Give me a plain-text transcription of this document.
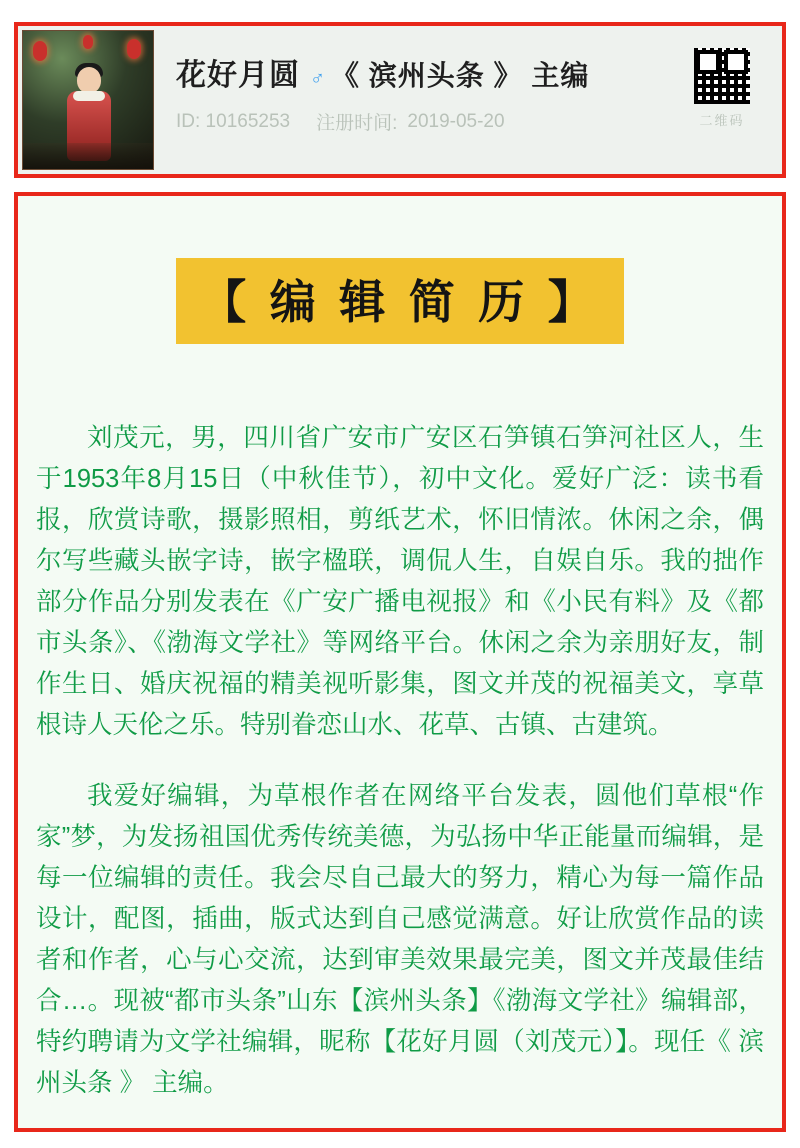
花好月圆 ♂ 《 滨州头条 》 主编
ID: 10165253 注册时间: 2019-05-20	二维码
【 编 辑 简 历 】

刘茂元，男，四川省广安市广安区石笋镇石笋河社区人，生于1953年8月15日（中秋佳节），初中文化。爱好广泛：读书看报，欣赏诗歌，摄影照相，剪纸艺术，怀旧情浓。休闲之余，偶尔写些藏头嵌字诗，嵌字楹联，调侃人生，自娱自乐。我的拙作部分作品分别发表在《广安广播电视报》和《小民有料》及《都市头条》、《渤海文学社》等网络平台。休闲之余为亲朋好友，制作生日、婚庆祝福的精美视听影集，图文并茂的祝福美文，享草根诗人天伦之乐。特别眷恋山水、花草、古镇、古建筑。

我爱好编辑，为草根作者在网络平台发表，圆他们草根“作家”梦，为发扬祖国优秀传统美德，为弘扬中华正能量而编辑，是每一位编辑的责任。我会尽自己最大的努力，精心为每一篇作品设计，配图，插曲，版式达到自己感觉满意。好让欣赏作品的读者和作者，心与心交流，达到审美效果最完美，图文并茂最佳结合…。现被“都市头条”山东【滨州头条】《渤海文学社》编辑部，特约聘请为文学社编辑，昵称【花好月圆（刘茂元）】。现任《 滨州头条 》 主编。
